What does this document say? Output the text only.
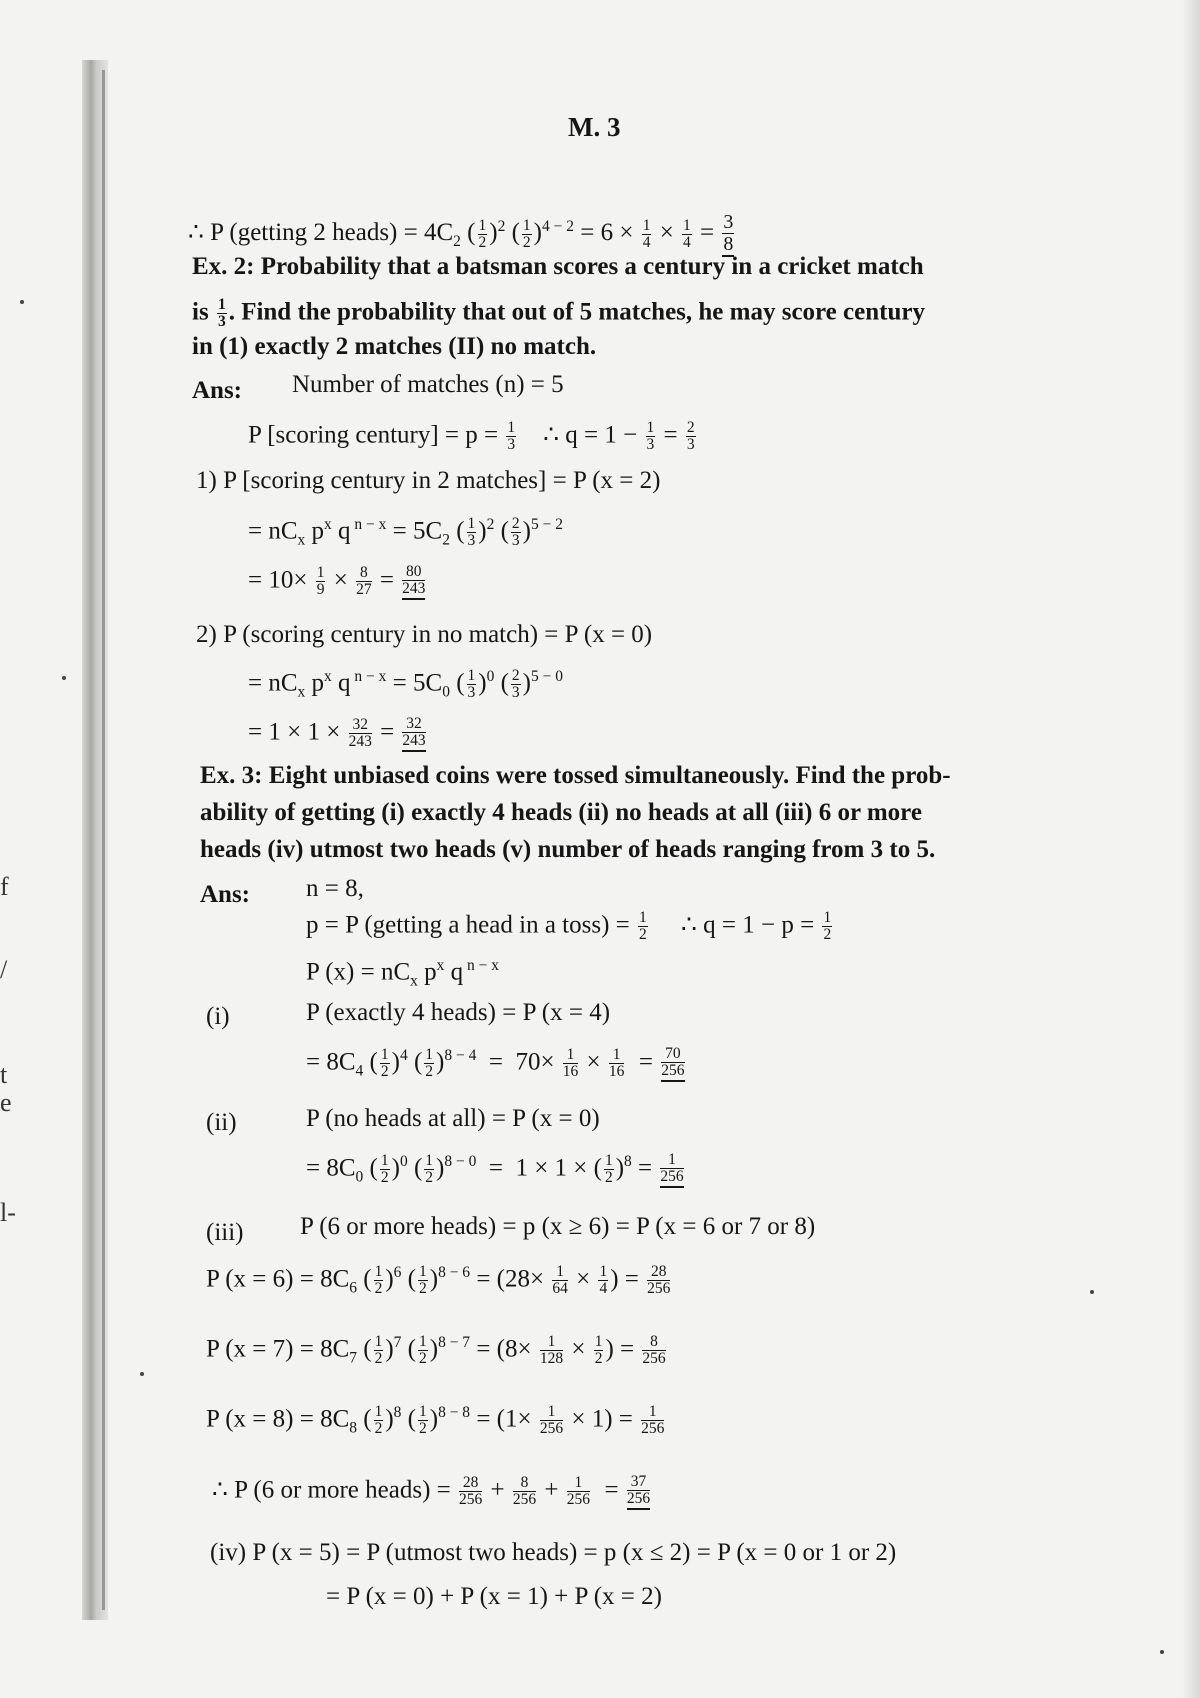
t
e
f
l-
/
M. 3
∴ P (getting 2 heads) = $4C_2$ ( $\frac{1}{2} )^2$ ( $\frac{1}{2} )^{4 - 2} = 6 \times \frac{1}{4} \times \frac{1}{4} = \frac{3}{8}$
Ex. 2: Probability that a batsman scores a century in a cricket match
is $\frac{1}{3}$ . Find the probability that out of 5 matches, he may score century
in (1) exactly 2 matches (II) no match.
Ans: Number of matches (n) = 5
P [scoring century] = $p = \frac{1}{3}$ ∴ $q = 1 - \frac{1}{3} = \frac{2}{3}$
1) P [scoring century in 2 matches] = P (x = 2)
= $nC_x$ $p^x$ q $^{n - x} = 5C_2$ ( $\frac{1}{3} )^2$ ( $\frac{2}{3} )^{5 - 2}$
= $10\times \frac{1}{9} \times \frac{8}{27} = \frac{80}{243}$
2) P (scoring century in no match) = P (x = 0)
= $nC_x$ $p^x$ q $^{n - x} = 5C_0$ ( $\frac{1}{3} )^0$ ( $\frac{2}{3} )^{5 - 0}$
= $1 \times 1 \times \frac{32}{243} = \frac{32}{243}$
Ex. 3: Eight unbiased coins were tossed simultaneously. Find the prob-
ability of getting (i) exactly 4 heads (ii) no heads at all (iii) 6 or more
heads (iv) utmost two heads (v) number of heads ranging from 3 to 5.
Ans: n = 8,
p = P (getting a head in a toss) = $\frac{1}{2}$ ∴ $q = 1 - p = \frac{1}{2}$
P $(x) = nC_x$ $p^x$ q $^{n - x}$
(i)	P (exactly 4 heads) = P (x = 4)
= $8C_4$ ( $\frac{1}{2} )^4$ ( $\frac{1}{2} )^{8 - 4} = 70\times \frac{1}{16} \times \frac{1}{16} = \frac{70}{256}$
(ii)	P (no heads at all) = P (x = 0)
= $8C_0$ ( $\frac{1}{2} )^0$ ( $\frac{1}{2} )^{8 - 0} = 1 \times 1$ × ( $\frac{1}{2} )^8 = \frac{1}{256}$
(iii) P (6 or more heads) = p (x ≥ 6) = P (x = 6 or 7 or 8)
P $(x = 6) = 8C_6$ ( $\frac{1}{2} )^6$ ( $\frac{1}{2} )^{8 - 6} = (28\times \frac{1}{64} \times \frac{1}{4}$ ) = $\frac{28}{256}$
P $(x = 7) = 8C_7$ ( $\frac{1}{2} )^7$ ( $\frac{1}{2} )^{8 - 7} = (8\times \frac{1}{128} \times \frac{1}{2}$ ) = $\frac{8}{256}$
P $(x = 8) = 8C_8$ ( $\frac{1}{2} )^8$ ( $\frac{1}{2} )^{8 - 8} = (1\times \frac{1}{256} \times 1) = \frac{1}{256}$
∴ P (6 or more heads) = $\frac{28}{256} + \frac{8}{256} + \frac{1}{256} = \frac{37}{256}$
(iv) P (x = 5) = P (utmost two heads) = p (x ≤ 2) = P (x = 0 or 1 or 2)
= P (x = 0) + P (x = 1) + P (x = 2)
